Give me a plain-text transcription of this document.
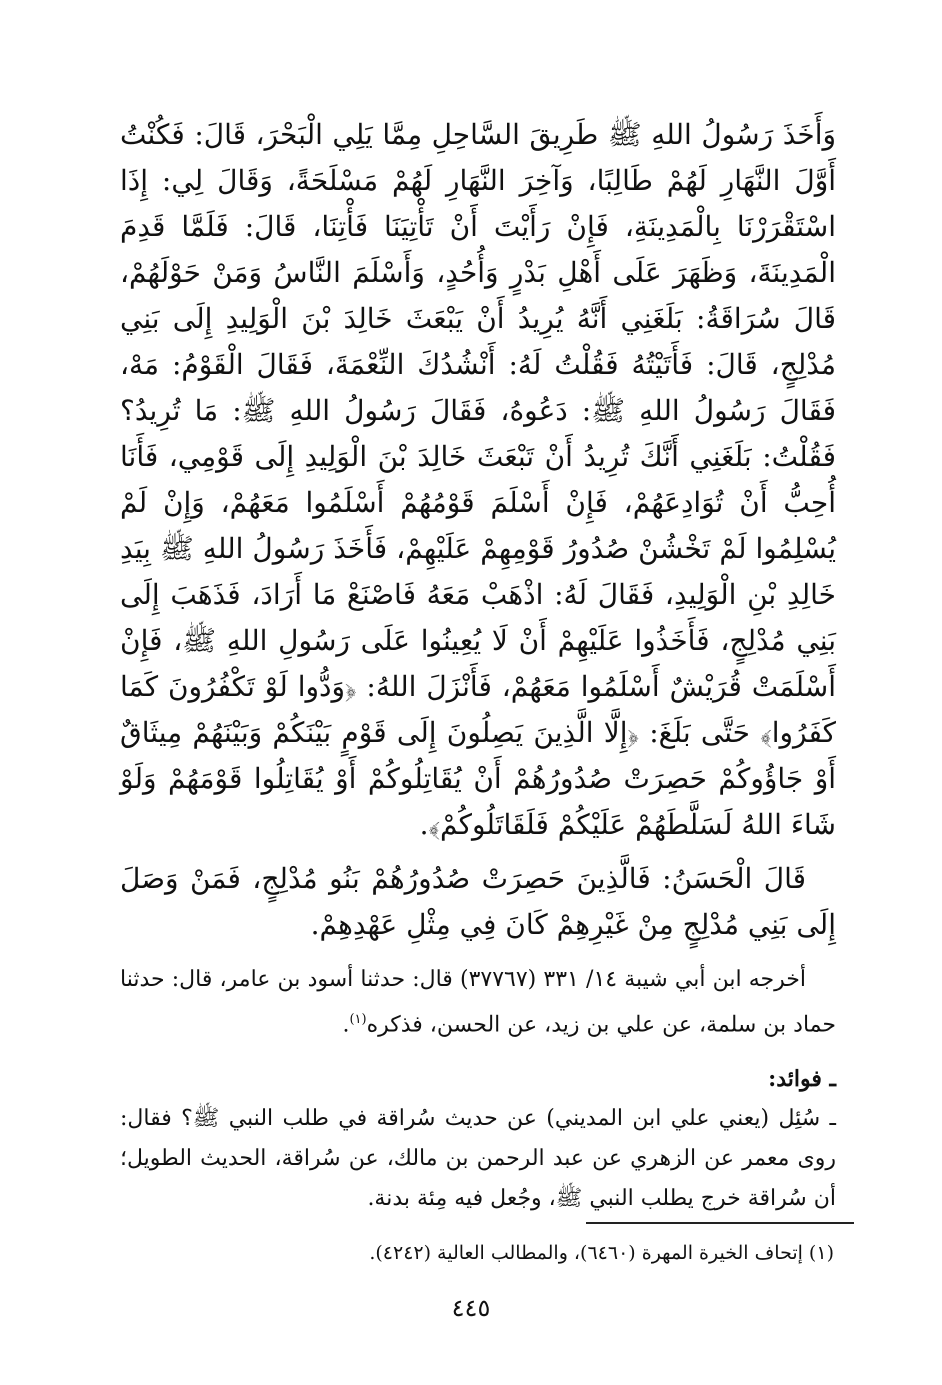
وَأَخَذَ رَسُولُ اللهِ ﷺ طَرِيقَ السَّاحِلِ مِمَّا يَلِي الْبَحْرَ، قَالَ: فَكُنْتُ أَوَّلَ النَّهَارِ لَهُمْ طَالِبًا، وَآخِرَ النَّهَارِ لَهُمْ مَسْلَحَةً، وَقَالَ لِي: إِذَا اسْتَقْرَرْنَا بِالْمَدِينَةِ، فَإِنْ رَأَيْتَ أَنْ تَأْتِيَنَا فَأْتِنَا، قَالَ: فَلَمَّا قَدِمَ الْمَدِينَةَ، وَظَهَرَ عَلَى أَهْلِ بَدْرٍ وَأُحُدٍ، وَأَسْلَمَ النَّاسُ وَمَنْ حَوْلَهُمْ، قَالَ سُرَاقَةُ: بَلَغَنِي أَنَّهُ يُرِيدُ أَنْ يَبْعَثَ خَالِدَ بْنَ الْوَلِيدِ إِلَى بَنِي مُدْلِجٍ، قَالَ: فَأَتَيْتُهُ فَقُلْتُ لَهُ: أَنْشُدُكَ النِّعْمَةَ، فَقَالَ الْقَوْمُ: مَهْ، فَقَالَ رَسُولُ اللهِ ﷺ: دَعُوهُ، فَقَالَ رَسُولُ اللهِ ﷺ: مَا تُرِيدُ؟ فَقُلْتُ: بَلَغَنِي أَنَّكَ تُرِيدُ أَنْ تَبْعَثَ خَالِدَ بْنَ الْوَلِيدِ إِلَى قَوْمِي، فَأَنَا أُحِبُّ أَنْ تُوَادِعَهُمْ، فَإِنْ أَسْلَمَ قَوْمُهُمْ أَسْلَمُوا مَعَهُمْ، وَإِنْ لَمْ يُسْلِمُوا لَمْ تَخْشُنْ صُدُورُ قَوْمِهِمْ عَلَيْهِمْ، فَأَخَذَ رَسُولُ اللهِ ﷺ بِيَدِ خَالِدِ بْنِ الْوَلِيدِ، فَقَالَ لَهُ: اذْهَبْ مَعَهُ فَاصْنَعْ مَا أَرَادَ، فَذَهَبَ إِلَى بَنِي مُدْلِجٍ، فَأَخَذُوا عَلَيْهِمْ أَنْ لَا يُعِينُوا عَلَى رَسُولِ اللهِ ﷺ، فَإِنْ أَسْلَمَتْ قُرَيْشٌ أَسْلَمُوا مَعَهُمْ، فَأَنْزَلَ اللهُ: ﴿وَدُّوا لَوْ تَكْفُرُونَ كَمَا كَفَرُوا﴾ حَتَّى بَلَغَ: ﴿إِلَّا الَّذِينَ يَصِلُونَ إِلَى قَوْمٍ بَيْنَكُمْ وَبَيْنَهُمْ مِيثَاقٌ أَوْ جَاؤُوكُمْ حَصِرَتْ صُدُورُهُمْ أَنْ يُقَاتِلُوكُمْ أَوْ يُقَاتِلُوا قَوْمَهُمْ وَلَوْ شَاءَ اللهُ لَسَلَّطَهُمْ عَلَيْكُمْ فَلَقَاتَلُوكُمْ﴾.

قَالَ الْحَسَنُ: فَالَّذِينَ حَصِرَتْ صُدُورُهُمْ بَنُو مُدْلِجٍ، فَمَنْ وَصَلَ إِلَى بَنِي مُدْلِجٍ مِنْ غَيْرِهِمْ كَانَ فِي مِثْلِ عَهْدِهِمْ.

أخرجه ابن أبي شيبة ١٤/ ٣٣١ (٣٧٧٦٧) قال: حدثنا أسود بن عامر، قال: حدثنا حماد بن سلمة، عن علي بن زيد، عن الحسن، فذكره$^{(١)}$.

ـ فوائد:

ـ سُئِل (يعني علي ابن المديني) عن حديث سُراقة في طلب النبي ﷺ؟ فقال: روى معمر عن الزهري عن عبد الرحمن بن مالك، عن سُراقة، الحديث الطويل؛ أن سُراقة خرج يطلب النبي ﷺ، وجُعل فيه مِئة بدنة.

(١) إتحاف الخيرة المهرة (٦٤٦٠)، والمطالب العالية (٤٢٤٢).
٤٤٥
